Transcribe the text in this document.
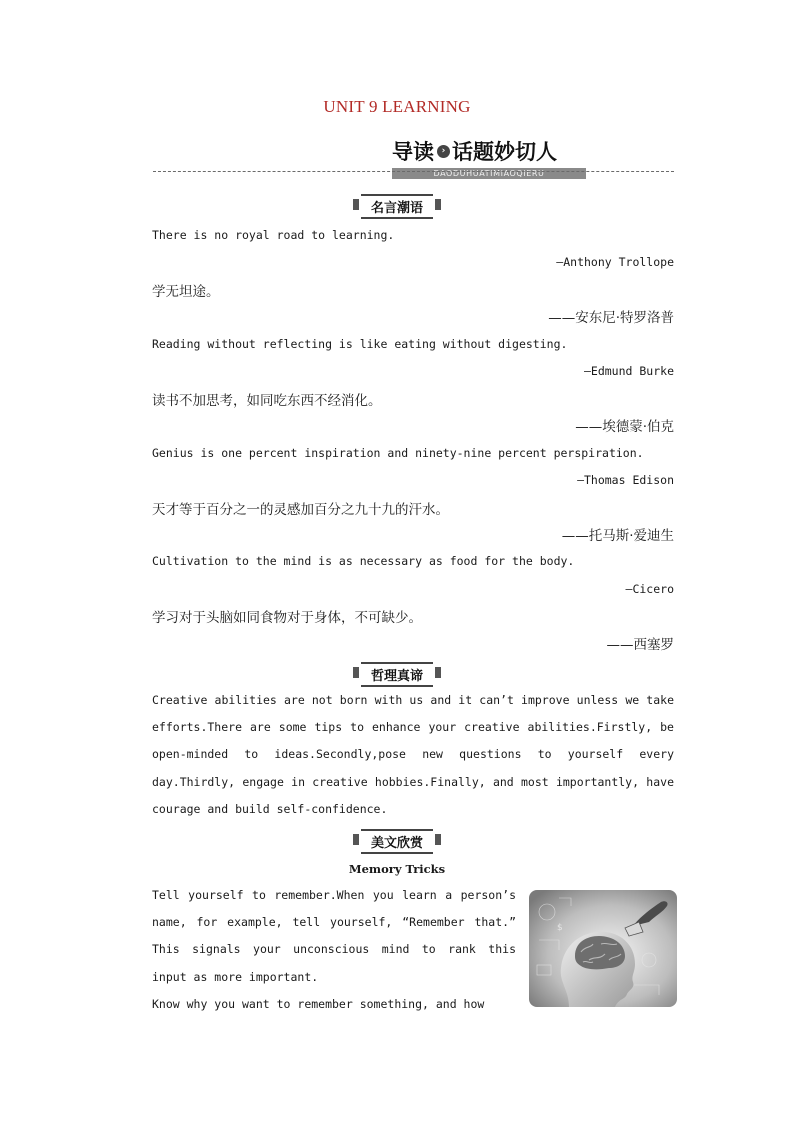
UNIT 9 LEARNING
导读 › 话题妙切人
DAODUHUATIMIAOQIERU
名言潮语
There is no royal road to learning.
—Anthony Trollope
学无坦途。
——安东尼·特罗洛普
Reading without reflecting is like eating without digesting.
—Edmund Burke
读书不加思考，如同吃东西不经消化。
——埃德蒙·伯克
Genius is one percent inspiration and ninety-nine percent perspiration.
—Thomas Edison
天才等于百分之一的灵感加百分之九十九的汗水。
——托马斯·爱迪生
Cultivation to the mind is as necessary as food for the body.
—Cicero
学习对于头脑如同食物对于身体，不可缺少。
——西塞罗
哲理真谛
Creative abilities are not born with us and it can’t improve unless we take efforts.There are some tips to enhance your creative abilities.Firstly, be open-minded to ideas.Secondly,pose new questions to yourself every day.Thirdly, engage in creative hobbies.Finally, and most importantly, have courage and build self-confidence.
美文欣赏
Memory Tricks
Tell yourself to remember.When you learn a person’s name, for example, tell yourself, “Remember that.” This signals your unconscious mind to rank this input as more important.
Know why you want to remember something, and how
$
